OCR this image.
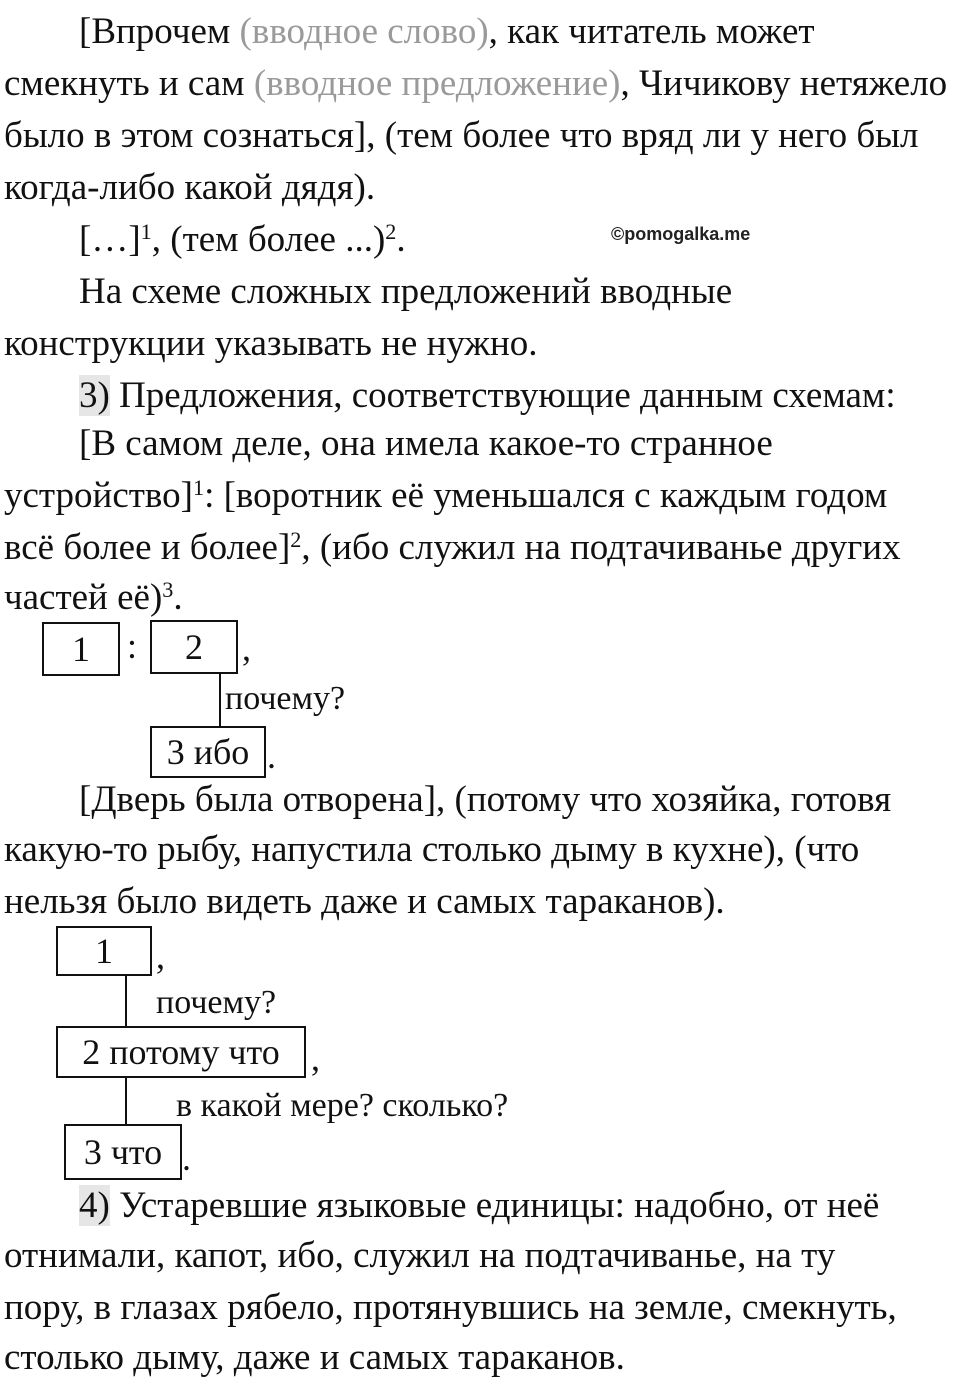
[Впрочем (вводное слово), как читатель может
смекнуть и сам (вводное предложение), Чичикову нетяжело
было в этом сознаться], (тем более что вряд ли у него был
когда-либо какой дядя).
[…]$^1$, (тем более ...)$^2$.	©pomogalka.me
На схеме сложных предложений вводные
конструкции указывать не нужно.
3) Предложения, соответствующие данным схемам:
[В самом деле, она имела какое-то странное
устройство]$^1$: [воротник её уменьшался с каждым годом
всё более и более]$^2$, (ибо служил на подтачиванье других
частей её)$^3$.
1	:	2	,
почему?
3 ибо .
[Дверь была отворена], (потому что хозяйка, готовя
какую-то рыбу, напустила столько дыму в кухне), (что
нельзя было видеть даже и самых тараканов).
1	,
почему?
2 потому что ,
в какой мере? сколько?
3 что .
4) Устаревшие языковые единицы: надобно, от неё
отнимали, капот, ибо, служил на подтачиванье, на ту
пору, в глазах рябело, протянувшись на земле, смекнуть,
столько дыму, даже и самых тараканов.
